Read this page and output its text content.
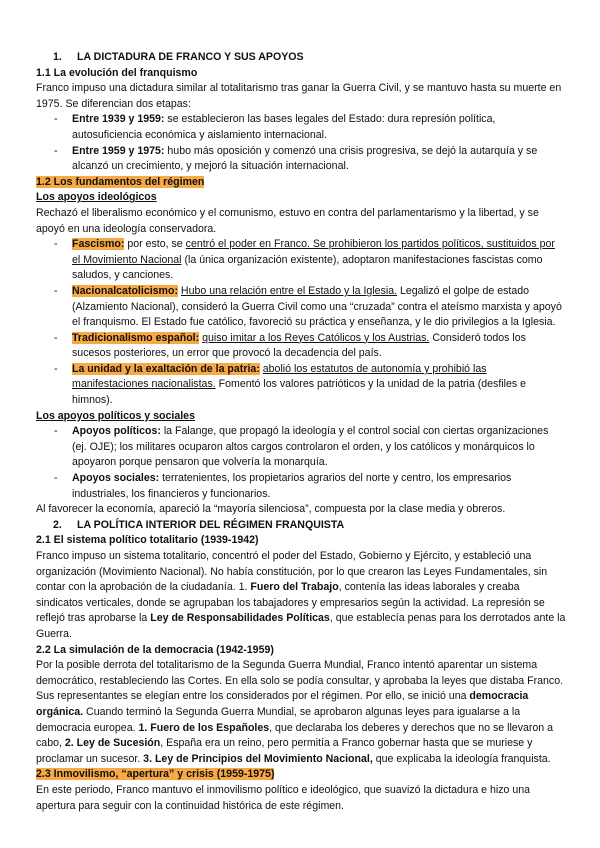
1. LA DICTADURA DE FRANCO Y SUS APOYOS
1.1 La evolución del franquismo
Franco impuso una dictadura similar al totalitarismo tras ganar la Guerra Civil, y se mantuvo hasta su muerte en 1975. Se diferencian dos etapas:
- Entre 1939 y 1959: se establecieron las bases legales del Estado: dura represión política, autosuficiencia económica y aislamiento internacional.
- Entre 1959 y 1975: hubo más oposición y comenzó una crisis progresiva, se dejó la autarquía y se alcanzó un crecimiento, y mejoró la situación internacional.
1.2 Los fundamentos del régimen
Los apoyos ideológicos
Rechazó el liberalismo económico y el comunismo, estuvo en contra del parlamentarismo y la libertad, y se apoyó en una ideología conservadora.
- Fascismo: por esto, se centró el poder en Franco. Se prohibieron los partidos políticos, sustituidos por el Movimiento Nacional (la única organización existente), adoptaron manifestaciones fascistas como saludos, y canciones.
- Nacionalcatolicismo: Hubo una relación entre el Estado y la Iglesia. Legalizó el golpe de estado (Alzamiento Nacional), consideró la Guerra Civil como una “cruzada” contra el ateísmo marxista y apoyó el franquismo. El Estado fue católico, favoreció su práctica y enseñanza, y le dio privilegios a la Iglesia.
- Tradicionalismo español: quiso imitar a los Reyes Católicos y los Austrias. Consideró todos los sucesos posteriores, un error que provocó la decadencia del país.
- La unidad y la exaltación de la patria: abolió los estatutos de autonomía y prohibió las manifestaciones nacionalistas. Fomentó los valores patrióticos y la unidad de la patria (desfiles e himnos).
Los apoyos políticos y sociales
- Apoyos políticos: la Falange, que propagó la ideología y el control social con ciertas organizaciones (ej. OJE); los militares ocuparon altos cargos controlaron el orden, y los católicos y monárquicos lo apoyaron porque pensaron que volvería la monarquía.
- Apoyos sociales: terratenientes, los propietarios agrarios del norte y centro, los empresarios industriales, los financieros y funcionarios.
Al favorecer la economía, apareció la “mayoría silenciosa”, compuesta por la clase media y obreros.
2. LA POLÍTICA INTERIOR DEL RÉGIMEN FRANQUISTA
2.1 El sistema político totalitario (1939-1942)
Franco impuso un sistema totalitario, concentró el poder del Estado, Gobierno y Ejército, y estableció una organización (Movimiento Nacional). No había constitución, por lo que crearon las Leyes Fundamentales, sin contar con la aprobación de la ciudadanía. 1. Fuero del Trabajo, contenía las ideas laborales y creaba sindicatos verticales, donde se agrupaban los tabajadores y empresarios según la actividad. La represión se reflejó tras aprobarse la Ley de Responsabilidades Políticas, que establecía penas para los derrotados ante la Guerra.
2.2 La simulación de la democracia (1942-1959)
Por la posible derrota del totalitarismo de la Segunda Guerra Mundial, Franco intentó aparentar un sistema democrático, restableciendo las Cortes. En ella solo se podía consultar, y aprobaba la leyes que distaba Franco. Sus representantes se elegían entre los considerados por el régimen. Por ello, se inició una democracia orgánica. Cuando terminó la Segunda Guerra Mundial, se aprobaron algunas leyes para igualarse a la democracia europea. 1. Fuero de los Españoles, que declaraba los deberes y derechos que no se llevaron a cabo, 2. Ley de Sucesión, España era un reino, pero permitía a Franco gobernar hasta que se muriese y proclamar un sucesor. 3. Ley de Principios del Movimiento Nacional, que explicaba la ideología franquista.
2.3 Inmovilismo, “apertura” y crisis (1959-1975)
En este periodo, Franco mantuvo el inmovilismo político e ideológico, que suavizó la dictadura e hizo una apertura para seguir con la continuidad histórica de este régimen.
